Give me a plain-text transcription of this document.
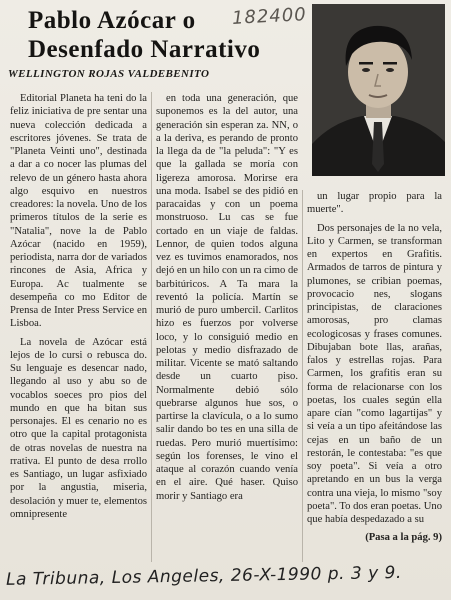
Pablo Azócar o
Desenfado Narrativo
182400
WELLINGTON ROJAS VALDEBENITO

Editorial Planeta ha teni do la feliz iniciativa de pre sentar una nueva colección dedicada a escritores jóvenes. Se trata de "Planeta Veinti uno", destinada a dar a co nocer las plumas del relevo de un género hasta ahora algo esquivo en nuestros creadores: la novela. Uno de los primeros títulos de la serie es "Natalia", nove la de Pablo Azócar (nacido en 1959), periodista, narra dor de variados rincones de Asia, Africa y Europa. Ac tualmente se desempeña co mo Editor de Prensa de Inter Press Service en Lisboa.

La novela de Azócar está lejos de lo cursi o rebusca do. Su lenguaje es desencar nado, llegando al uso y abu so de vocablos soeces pro pios del mundo en que ha bitan sus personajes. El es cenario no es otro que la capital protagonista de otras novelas de nuestra na rrativa. El punto de desa rrollo es Santiago, un lugar asfixiado por la angustia, miseria, desolación y muer te, elementos omnipresente

en toda una generación, que suponemos es la del autor, una generación sin esperan za. NN, o a la deriva, es perando de pronto la llega da de "la peluda": "Y es que la gallada se moría con ligereza amorosa. Morirse era una moda. Isabel se des pidió en paracaidas y con un poema monstruoso. Lu cas se fue cortado en un viaje de faldas. Lennor, de quien todos alguna vez es tuvimos enamorados, nos dejó en un hilo con un ra cimo de barbitúricos. A Ta mara la reventó la policía. Martín se murió de puro umbercil. Carlitos hizo es fuerzos por volverse loco, y lo consiguió medio en pelotas y medio disfrazado de militar. Vicente se mató saltando desde un cuarto piso. Normalmente debió sólo quebrarse algunos hue sos, o partirse la clavícula, o a lo sumo salir dando bo tes en una silla de ruedas. Pero murió muertísimo: según los forenses, le vino el ataque al corazón cuando venía en el aire. Qué haser. Quiso morir y Santiago era

un lugar propio para la muerte".

Dos personajes de la no vela, Lito y Carmen, se transforman en expertos en Grafitis. Armados de tarros de pintura y plumones, se cribian poemas, provocacio nes, slogans principistas, de claraciones amorosas, pro clamas ecologicosas y frases comunes. Dibujaban bote llas, arañas, falos y estrellas rojas. Para Carmen, los grafitis eran su forma de relacionarse con los poetas, los cuales según ella apare cían "como lagartijas" y si veía a un tipo afeitándose las cejas en un baño de un restorán, le contestaba: "es que soy poeta". Si veía a otro apretando en un bus la verga contra una vieja, lo mismo "soy poeta". To dos eran poetas. Uno que había despedazado a su

(Pasa a la pág. 9)

La Tribuna, Los Angeles, 26-X-1990 p. 3 y 9.
